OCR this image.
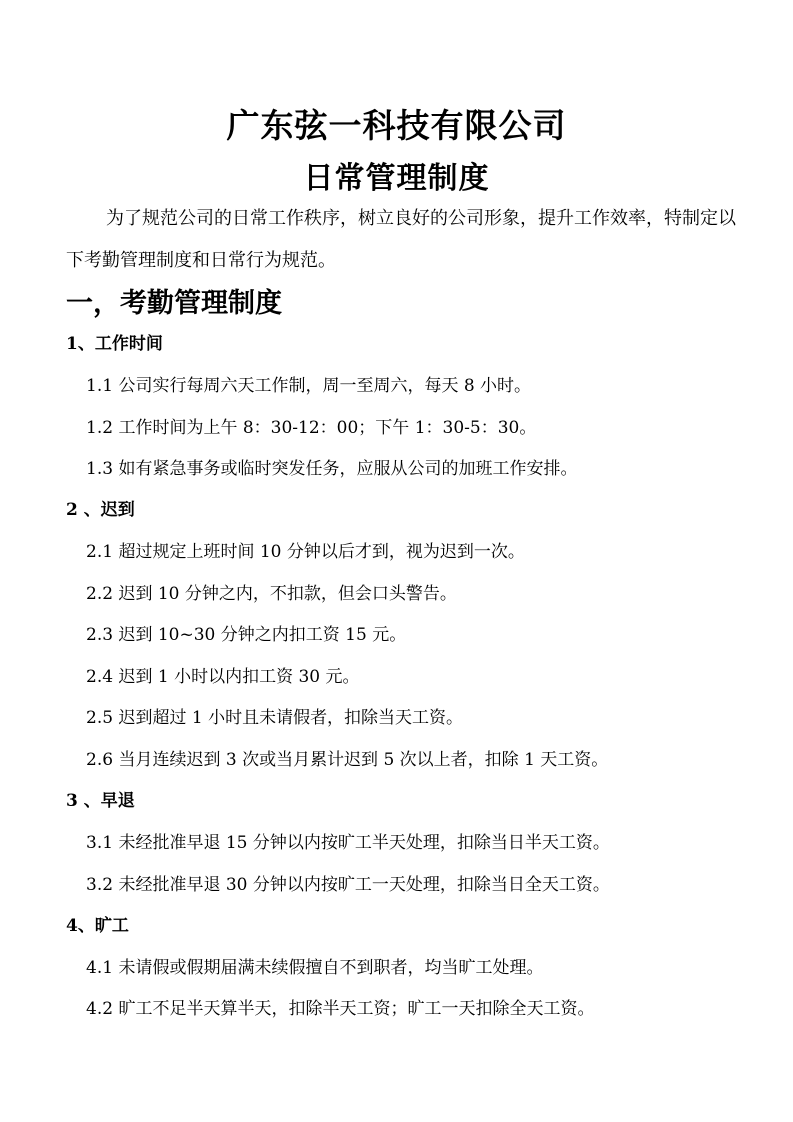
广东弦一科技有限公司
日常管理制度
为了规范公司的日常工作秩序，树立良好的公司形象，提升工作效率，特制定以下考勤管理制度和日常行为规范。
一，考勤管理制度
1、工作时间
1.1 公司实行每周六天工作制，周一至周六，每天 8 小时。
1.2 工作时间为上午 8：30-12：00；下午 1：30-5：30。
1.3 如有紧急事务或临时突发任务，应服从公司的加班工作安排。
2 、迟到
2.1 超过规定上班时间 10 分钟以后才到，视为迟到一次。
2.2 迟到 10 分钟之内，不扣款，但会口头警告。
2.3 迟到 10~30 分钟之内扣工资 15 元。
2.4 迟到 1 小时以内扣工资 30 元。
2.5 迟到超过 1 小时且未请假者，扣除当天工资。
2.6 当月连续迟到 3 次或当月累计迟到 5 次以上者，扣除 1 天工资。
3 、早退
3.1 未经批准早退 15 分钟以内按旷工半天处理，扣除当日半天工资。
3.2 未经批准早退 30 分钟以内按旷工一天处理，扣除当日全天工资。
4、旷工
4.1 未请假或假期届满未续假擅自不到职者，均当旷工处理。
4.2 旷工不足半天算半天，扣除半天工资；旷工一天扣除全天工资。
